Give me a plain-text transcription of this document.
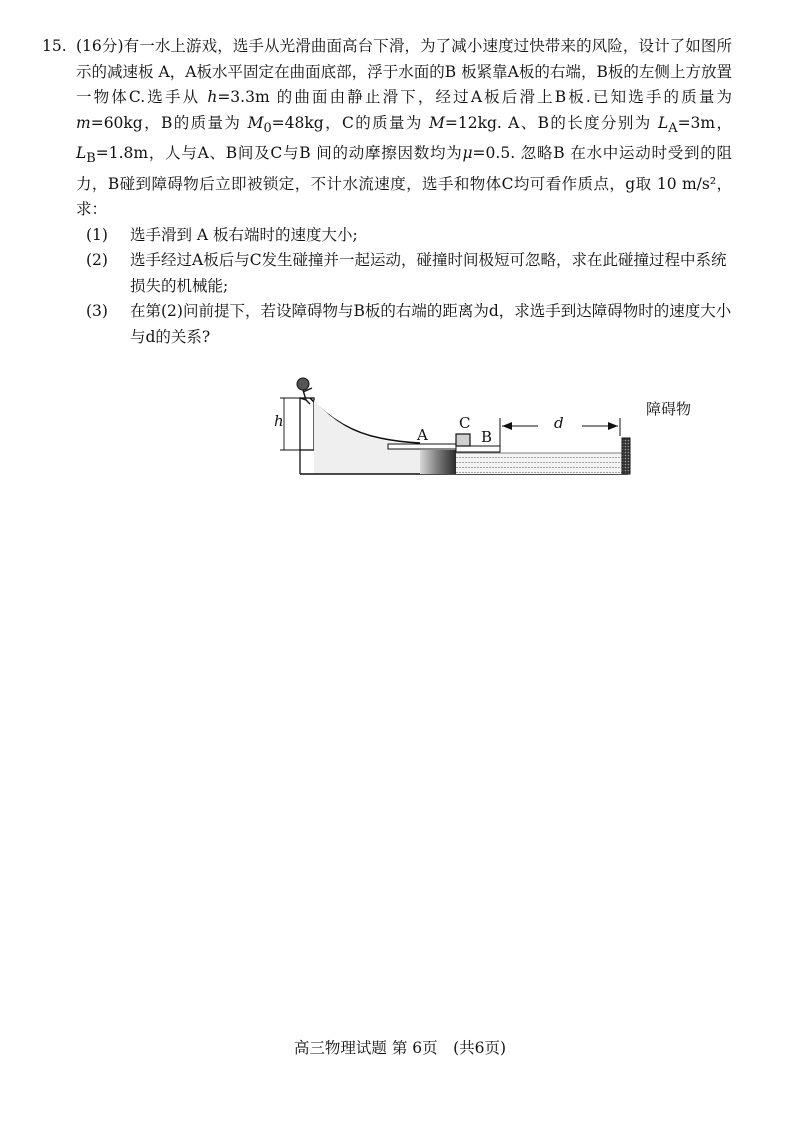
15. (16分)有一水上游戏，选手从光滑曲面高台下滑，为了减小速度过快带来的风险，设计了如图所示的减速板 A，A板水平固定在曲面底部，浮于水面的B 板紧靠A板的右端，B板的左侧上方放置一物体C.选手从 h=3.3m 的曲面由静止滑下，经过A板后滑上B板.已知选手的质量为 m=60kg，B的质量为 $M_0=48kg$，C的质量为 M=12kg. A、B的长度分别为 $L_A=3m$，$L_B=1.8m$，人与A、B间及C与B 间的动摩擦因数均为μ=0.5. 忽略B 在水中运动时受到的阻力，B碰到障碍物后立即被锁定，不计水流速度，选手和物体C均可看作质点，g取 10 m/s²，求：
(1)	选手滑到 A 板右端时的速度大小;
(2)	选手经过A板后与C发生碰撞并一起运动，碰撞时间极短可忽略，求在此碰撞过程中系统损失的机械能;
(3)	在第(2)问前提下，若设障碍物与B板的右端的距离为d，求选手到达障碍物时的速度大小与d的关系?
h
A
C
B
d
障碍物
高三物理试题 第 6页　(共6页)
